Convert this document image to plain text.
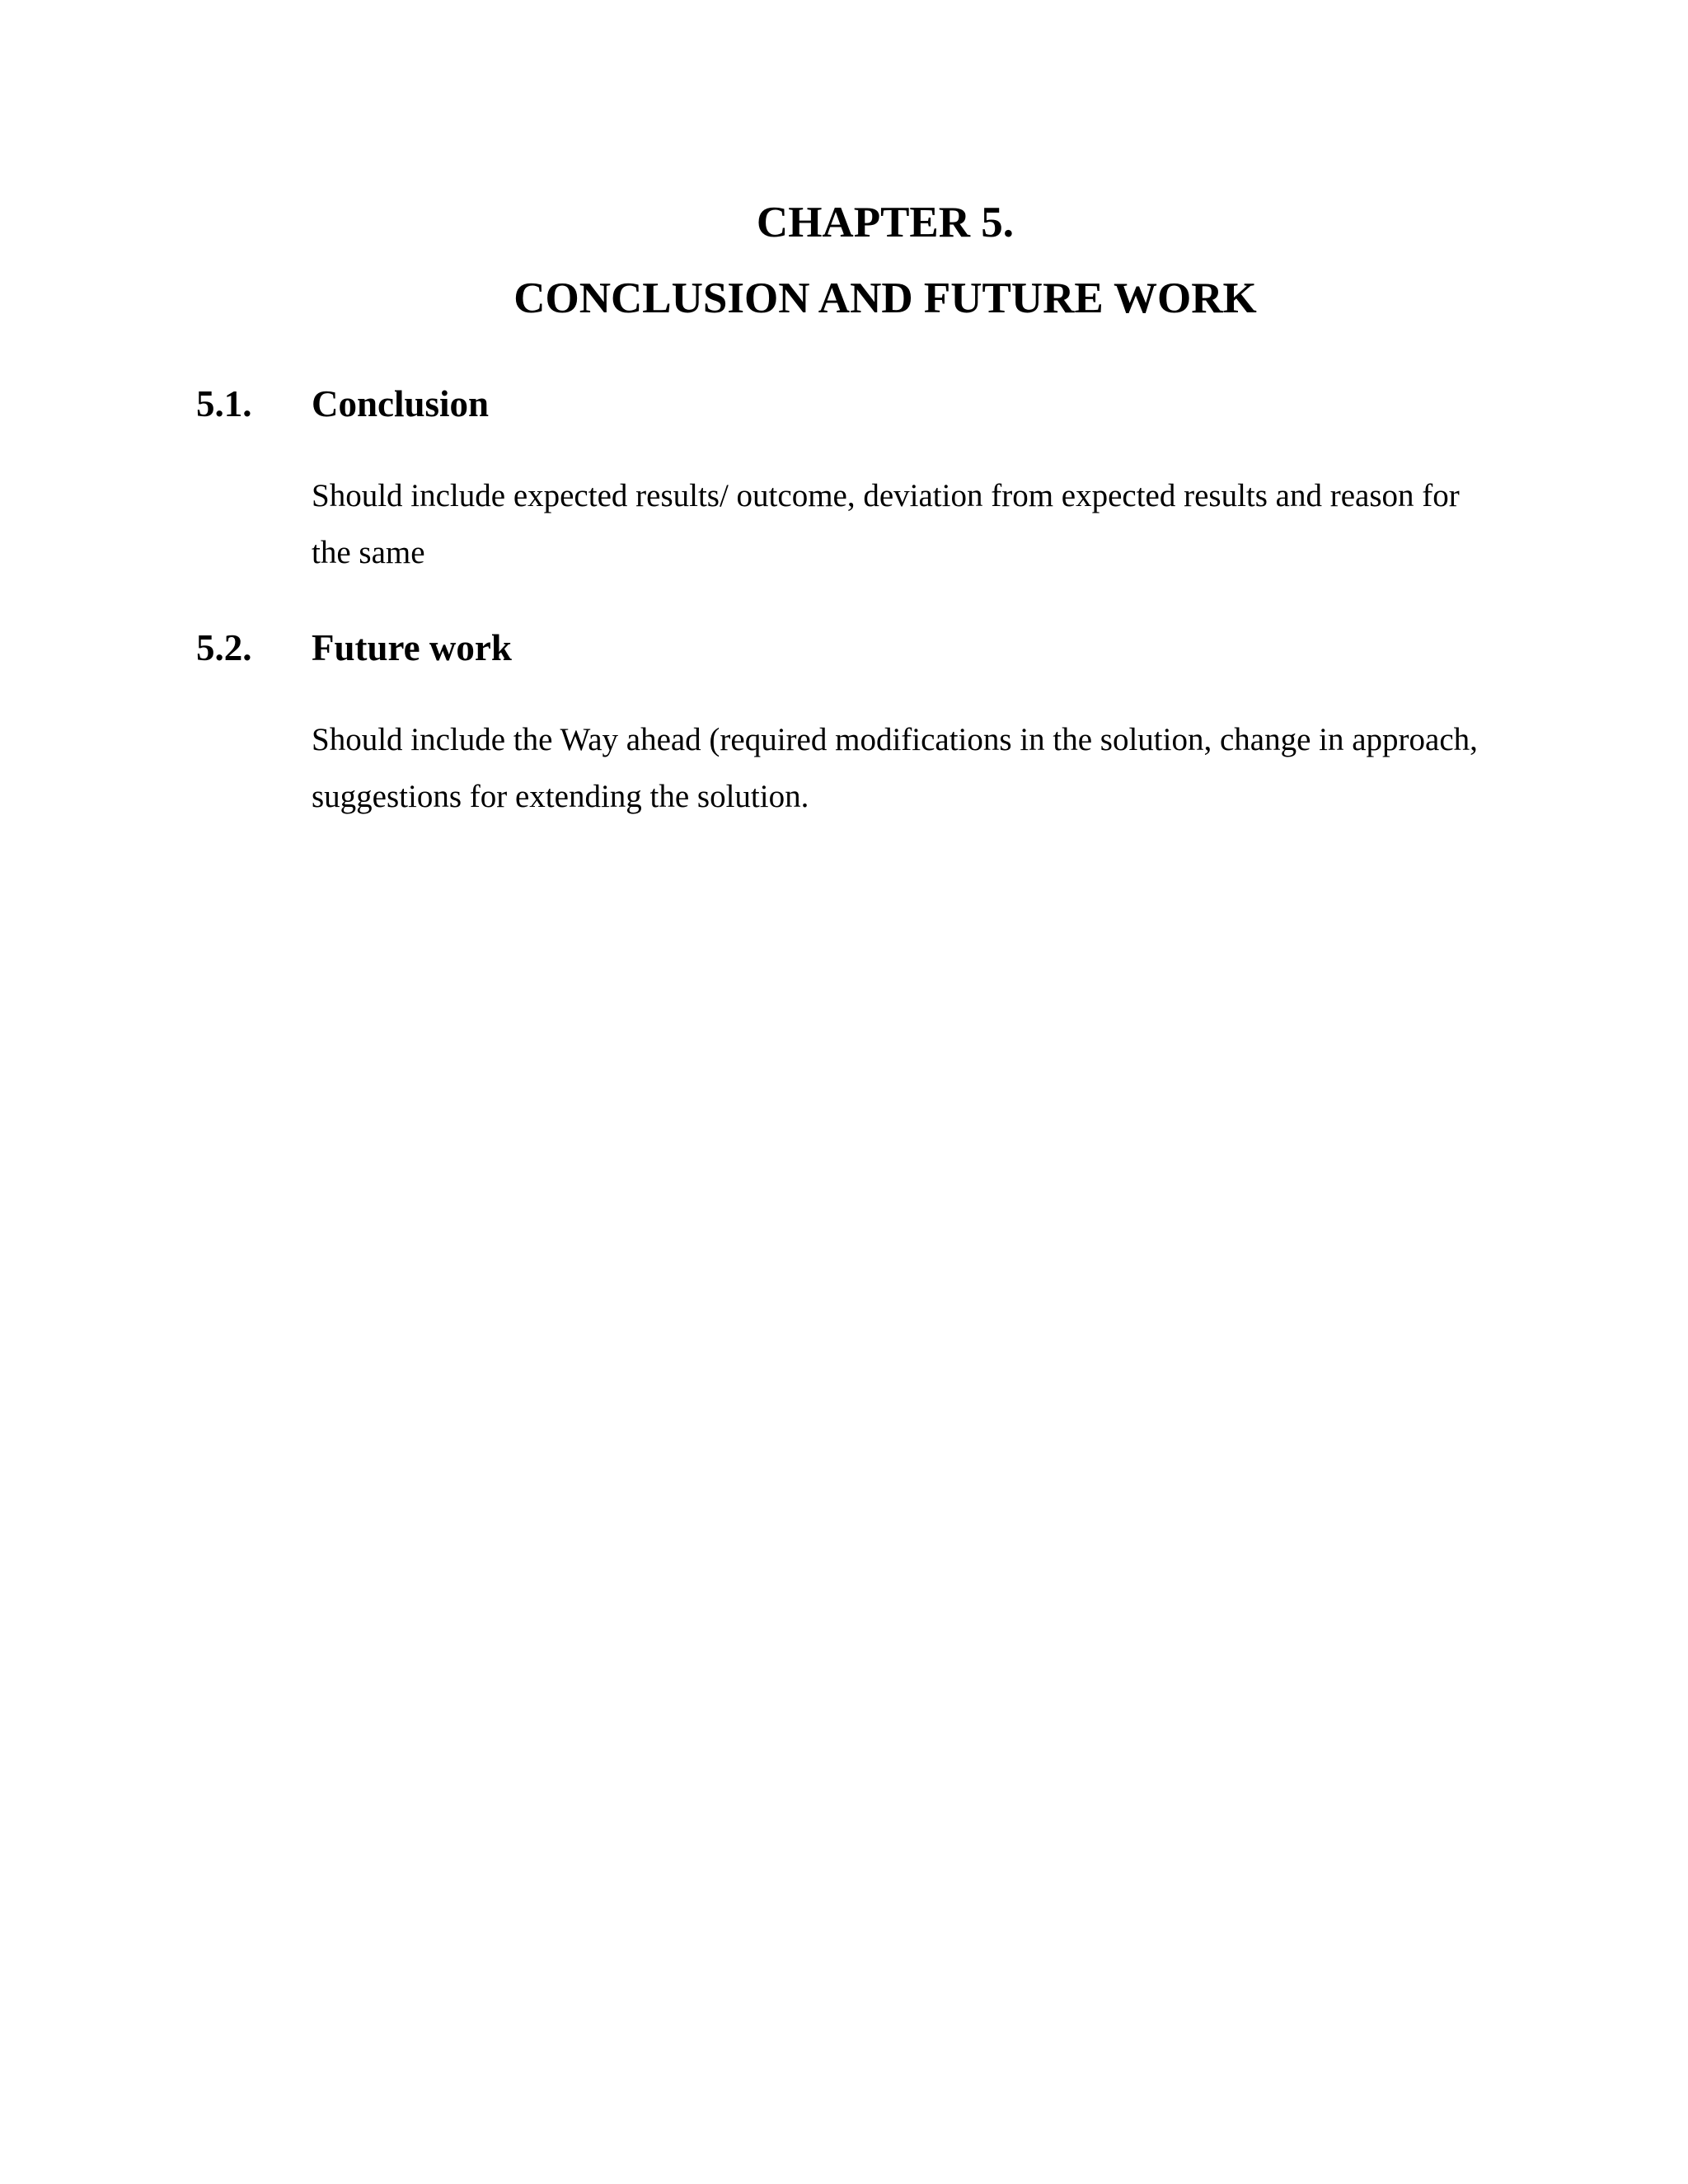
CHAPTER 5.
CONCLUSION AND FUTURE WORK
5.1. Conclusion

Should include expected results/ outcome, deviation from expected results and reason for the same

5.2. Future work

Should include the Way ahead (required modifications in the solution, change in approach, suggestions for extending the solution.
